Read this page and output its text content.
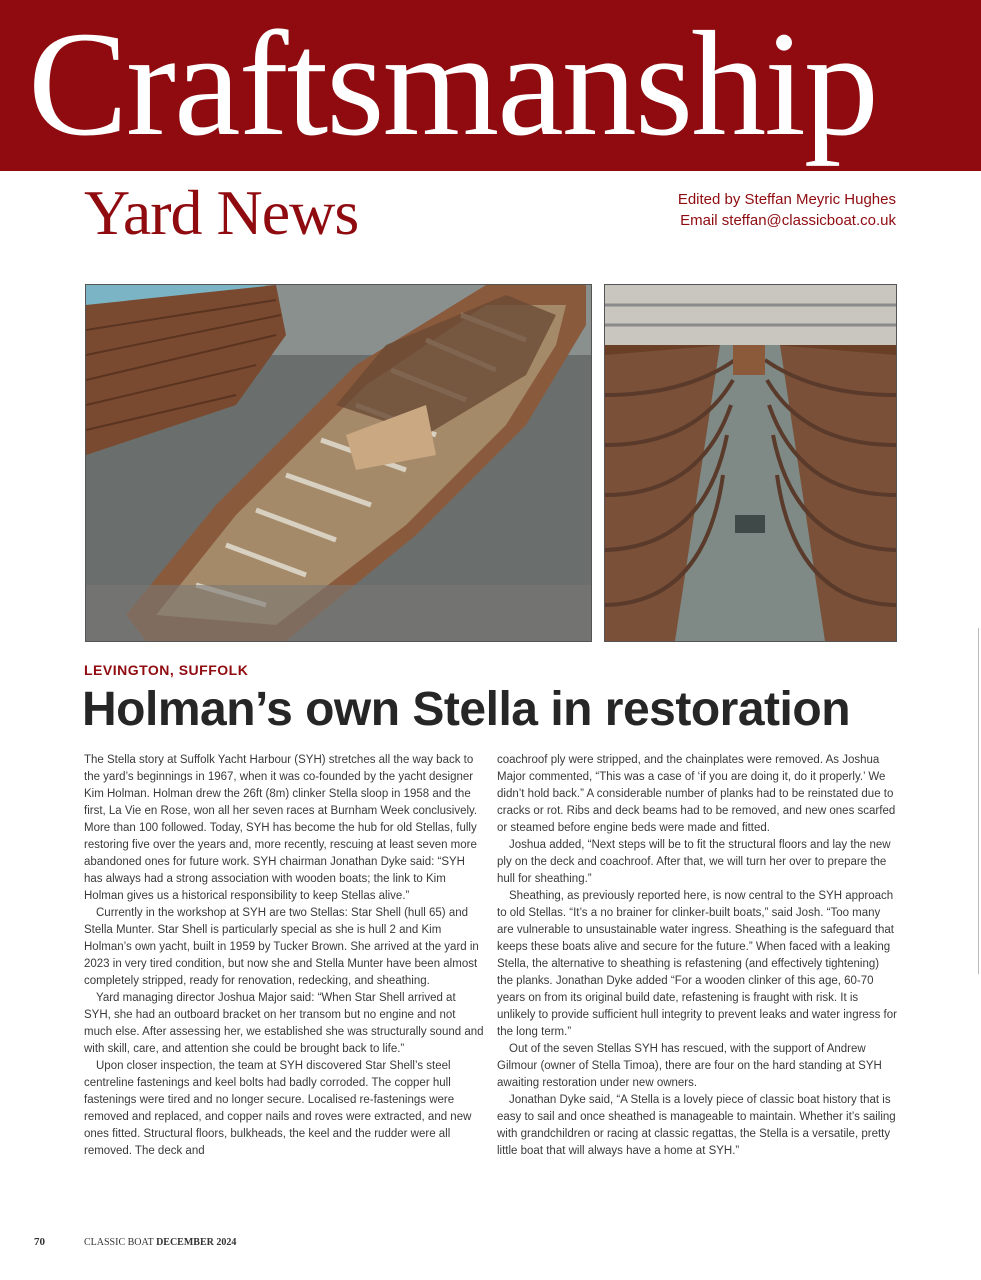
Craftsmanship
Yard News	Edited by Steffan Meyric Hughes
Email steffan@classicboat.co.uk
LEVINGTON, SUFFOLK
Holman’s own Stella in restoration

The Stella story at Suffolk Yacht Harbour (SYH) stretches all the way back to the yard’s beginnings in 1967, when it was co-founded by the yacht designer Kim Holman. Holman drew the 26ft (8m) clinker Stella sloop in 1958 and the first, La Vie en Rose, won all her seven races at Burnham Week conclusively. More than 100 followed. Today, SYH has become the hub for old Stellas, fully restoring five over the years and, more recently, rescuing at least seven more abandoned ones for future work. SYH chairman Jonathan Dyke said: “SYH has always had a strong association with wooden boats; the link to Kim Holman gives us a historical responsibility to keep Stellas alive.”

Currently in the workshop at SYH are two Stellas: Star Shell (hull 65) and Stella Munter. Star Shell is particularly special as she is hull 2 and Kim Holman’s own yacht, built in 1959 by Tucker Brown. She arrived at the yard in 2023 in very tired condition, but now she and Stella Munter have been almost completely stripped, ready for renovation, redecking, and sheathing.

Yard managing director Joshua Major said: “When Star Shell arrived at SYH, she had an outboard bracket on her transom but no engine and not much else. After assessing her, we established she was structurally sound and with skill, care, and attention she could be brought back to life.”

Upon closer inspection, the team at SYH discovered Star Shell’s steel centreline fastenings and keel bolts had badly corroded. The copper hull fastenings were tired and no longer secure. Localised re-fastenings were removed and replaced, and copper nails and roves were extracted, and new ones fitted. Structural floors, bulkheads, the keel and the rudder were all removed. The deck and

coachroof ply were stripped, and the chainplates were removed. As Joshua Major commented, “This was a case of ‘if you are doing it, do it properly.’ We didn’t hold back.” A considerable number of planks had to be reinstated due to cracks or rot. Ribs and deck beams had to be removed, and new ones scarfed or steamed before engine beds were made and fitted.

Joshua added, “Next steps will be to fit the structural floors and lay the new ply on the deck and coachroof. After that, we will turn her over to prepare the hull for sheathing.”

Sheathing, as previously reported here, is now central to the SYH approach to old Stellas. “It’s a no brainer for clinker-built boats,” said Josh. “Too many are vulnerable to unsustainable water ingress. Sheathing is the safeguard that keeps these boats alive and secure for the future.” When faced with a leaking Stella, the alternative to sheathing is refastening (and effectively tightening) the planks. Jonathan Dyke added “For a wooden clinker of this age, 60-70 years on from its original build date, refastening is fraught with risk. It is unlikely to provide sufficient hull integrity to prevent leaks and water ingress for the long term.”

Out of the seven Stellas SYH has rescued, with the support of Andrew Gilmour (owner of Stella Timoa), there are four on the hard standing at SYH awaiting restoration under new owners.

Jonathan Dyke said, “A Stella is a lovely piece of classic boat history that is easy to sail and once sheathed is manageable to maintain. Whether it’s sailing with grandchildren or racing at classic regattas, the Stella is a versatile, pretty little boat that will always have a home at SYH.”

70	CLASSIC BOAT DECEMBER 2024
